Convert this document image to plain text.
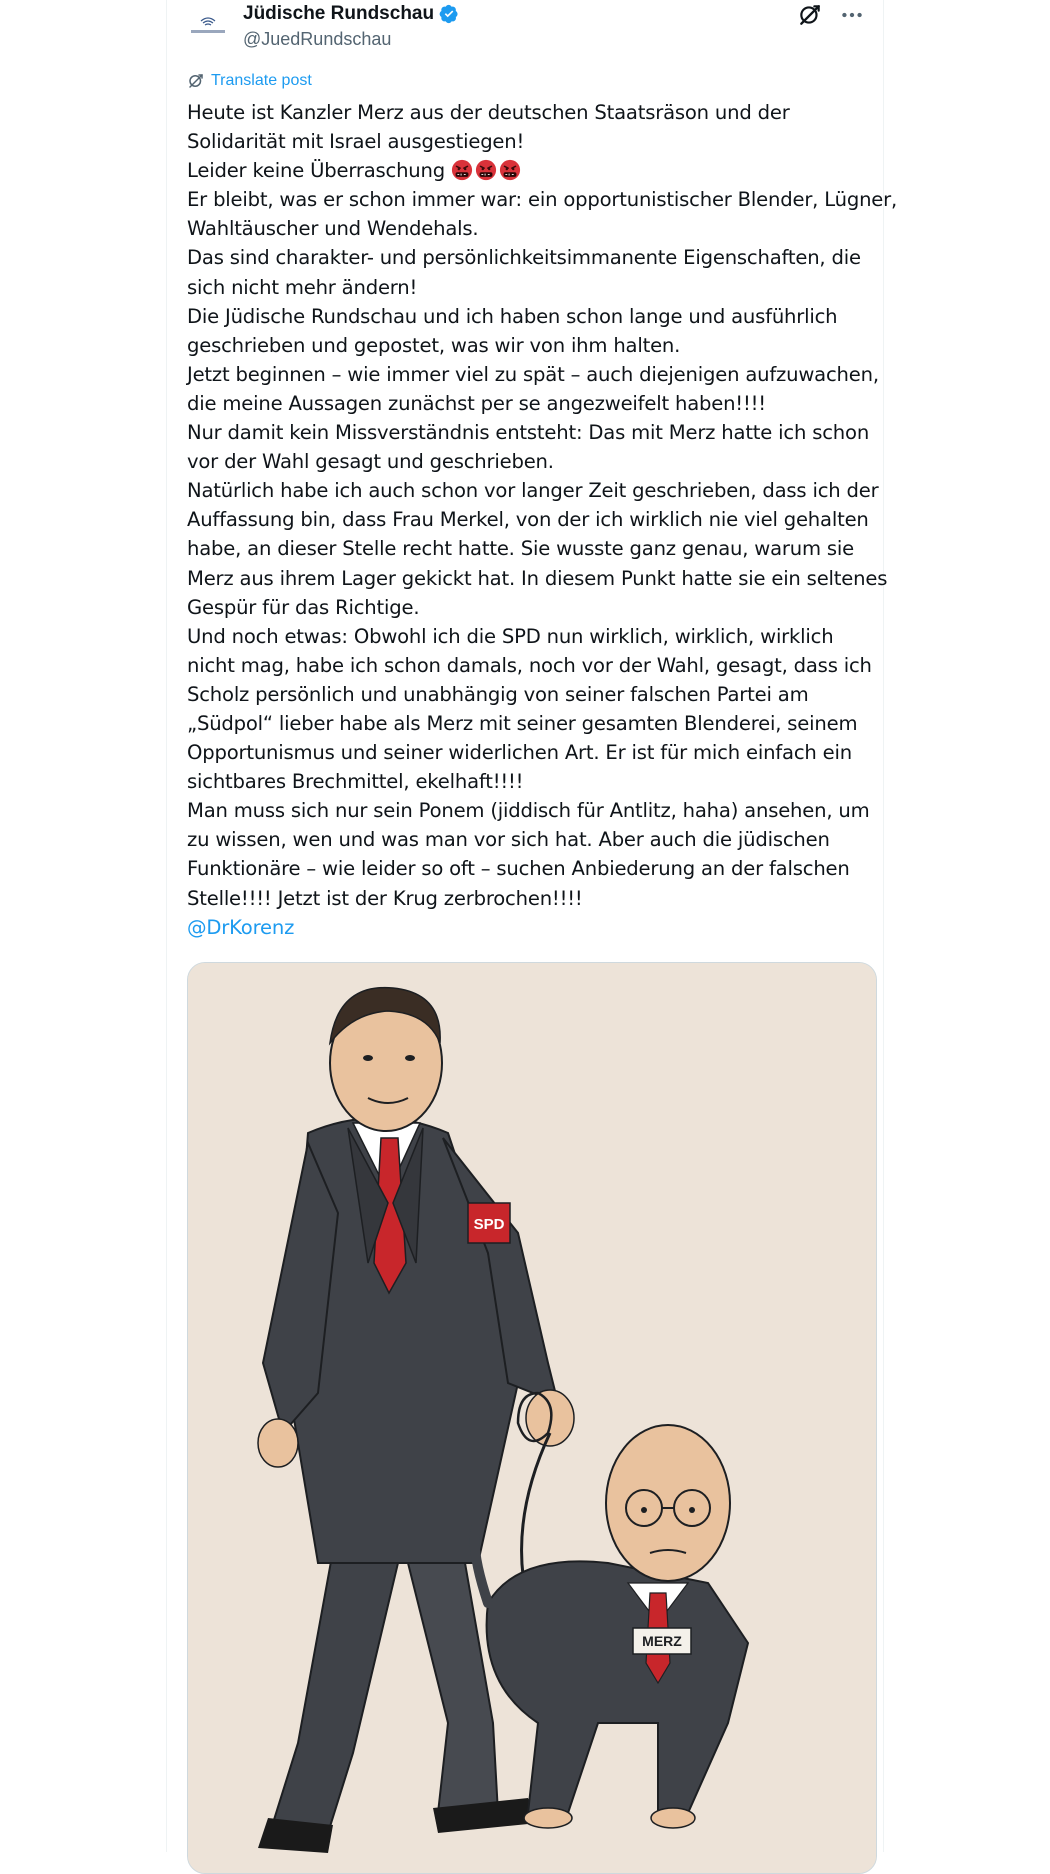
Jüdische Rundschau
@JuedRundschau
Translate post
Heute ist Kanzler Merz aus der deutschen Staatsräson und der
Solidarität mit Israel ausgestiegen!
Leider keine Überraschung
Er bleibt, was er schon immer war: ein opportunistischer Blender, Lügner,
Wahltäuscher und Wendehals.
Das sind charakter- und persönlichkeitsimmanente Eigenschaften, die
sich nicht mehr ändern!
Die Jüdische Rundschau und ich haben schon lange und ausführlich
geschrieben und gepostet, was wir von ihm halten.
Jetzt beginnen – wie immer viel zu spät – auch diejenigen aufzuwachen,
die meine Aussagen zunächst per se angezweifelt haben!!!!
Nur damit kein Missverständnis entsteht: Das mit Merz hatte ich schon
vor der Wahl gesagt und geschrieben.
Natürlich habe ich auch schon vor langer Zeit geschrieben, dass ich der
Auffassung bin, dass Frau Merkel, von der ich wirklich nie viel gehalten
habe, an dieser Stelle recht hatte. Sie wusste ganz genau, warum sie
Merz aus ihrem Lager gekickt hat. In diesem Punkt hatte sie ein seltenes
Gespür für das Richtige.
Und noch etwas: Obwohl ich die SPD nun wirklich, wirklich, wirklich
nicht mag, habe ich schon damals, noch vor der Wahl, gesagt, dass ich
Scholz persönlich und unabhängig von seiner falschen Partei am
„Südpol“ lieber habe als Merz mit seiner gesamten Blenderei, seinem
Opportunismus und seiner widerlichen Art. Er ist für mich einfach ein
sichtbares Brechmittel, ekelhaft!!!!
Man muss sich nur sein Ponem (jiddisch für Antlitz, haha) ansehen, um
zu wissen, wen und was man vor sich hat. Aber auch die jüdischen
Funktionäre – wie leider so oft – suchen Anbiederung an der falschen
Stelle!!!! Jetzt ist der Krug zerbrochen!!!!
@DrKorenz
SPD
MERZ
